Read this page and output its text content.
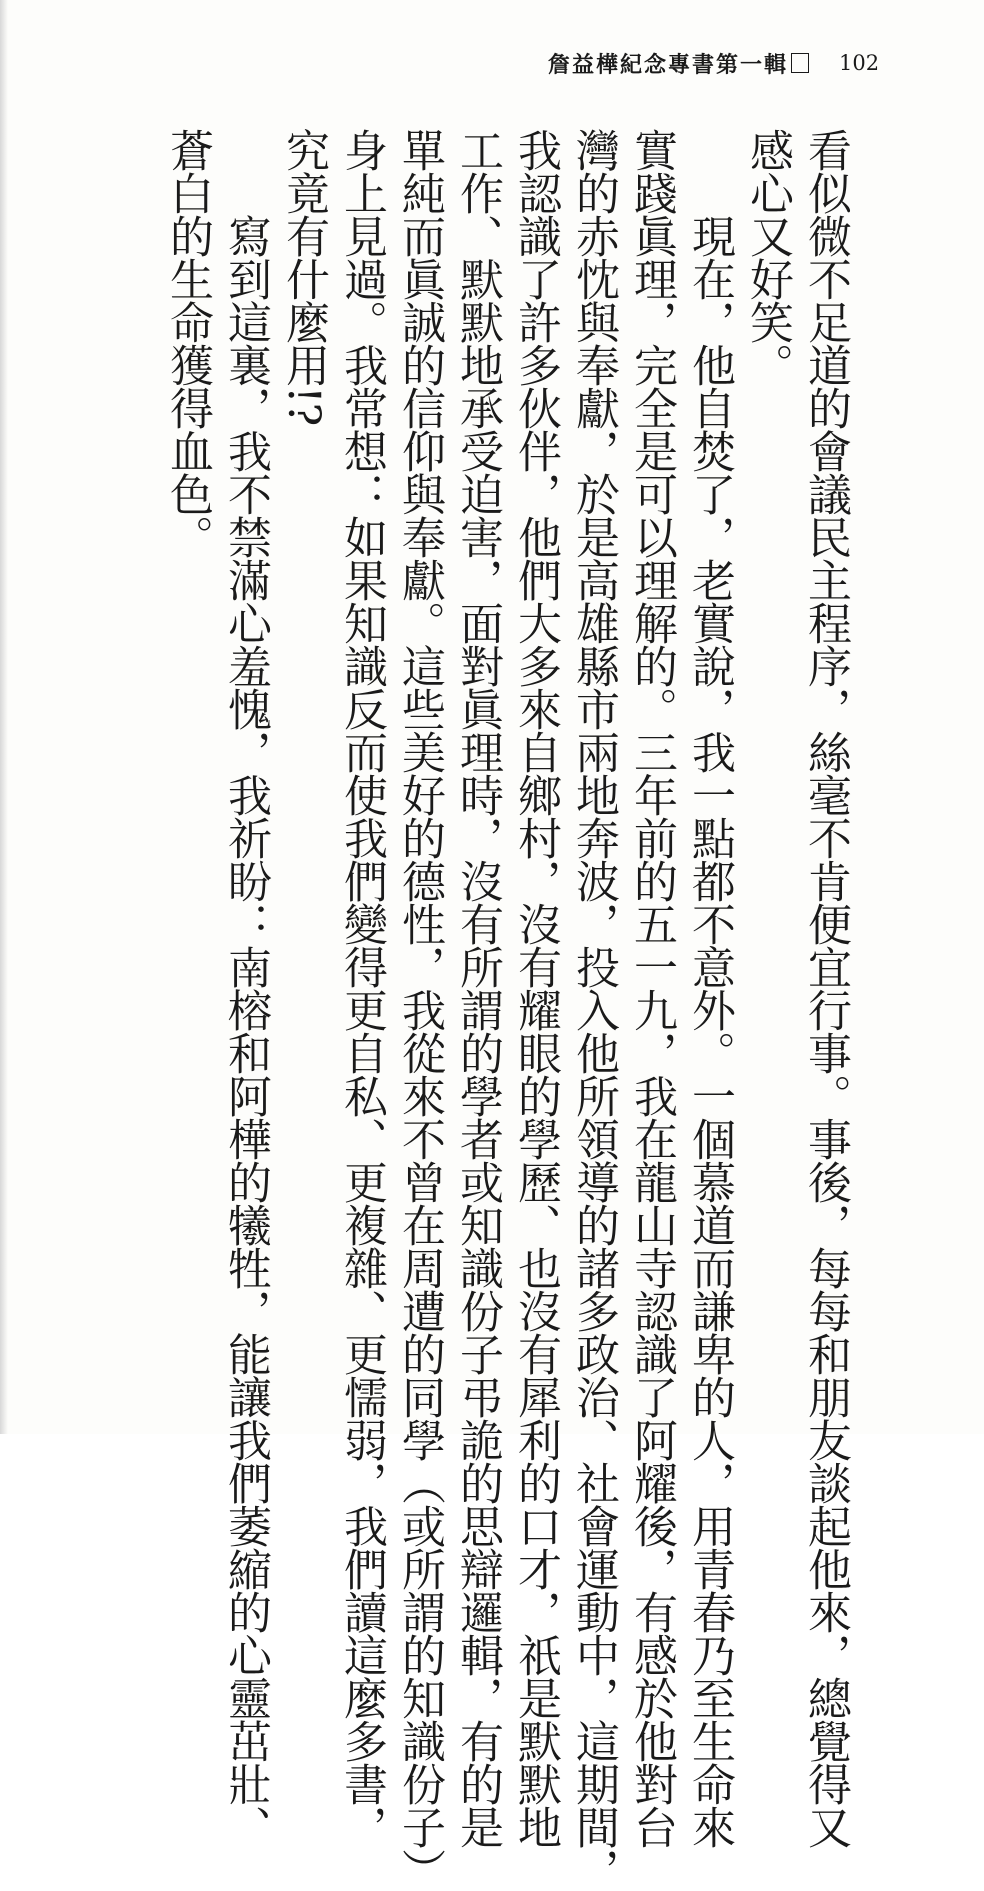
詹益樺紀念專書第一輯 102
看似微不足道的會議民主程序，絲毫不肯便宜行事。事後，每每和朋友談起他來，總覺得又
感心又好笑。
　　現在，他自焚了，老實說，我一點都不意外。一個慕道而謙卑的人，用青春乃至生命來
實踐眞理，完全是可以理解的。三年前的五一九，我在龍山寺認識了阿耀後，有感於他對台
灣的赤忱與奉獻，於是高雄縣市兩地奔波，投入他所領導的諸多政治、社會運動中，這期間，
我認識了許多伙伴，他們大多來自鄉村，沒有耀眼的學歷、也沒有犀利的口才，祇是默默地
工作、默默地承受迫害，面對眞理時，沒有所謂的學者或知識份子弔詭的思辯邏輯，有的是
單純而眞誠的信仰與奉獻。這些美好的德性，我從來不曾在周遭的同學（或所謂的知識份子）
身上見過。我常想：如果知識反而使我們變得更自私、更複雜、更懦弱，我們讀這麼多書，
究竟有什麼用!?
　　寫到這裏，我不禁滿心羞愧，我祈盼：南榕和阿樺的犧牲，能讓我們萎縮的心靈茁壯、
蒼白的生命獲得血色。
